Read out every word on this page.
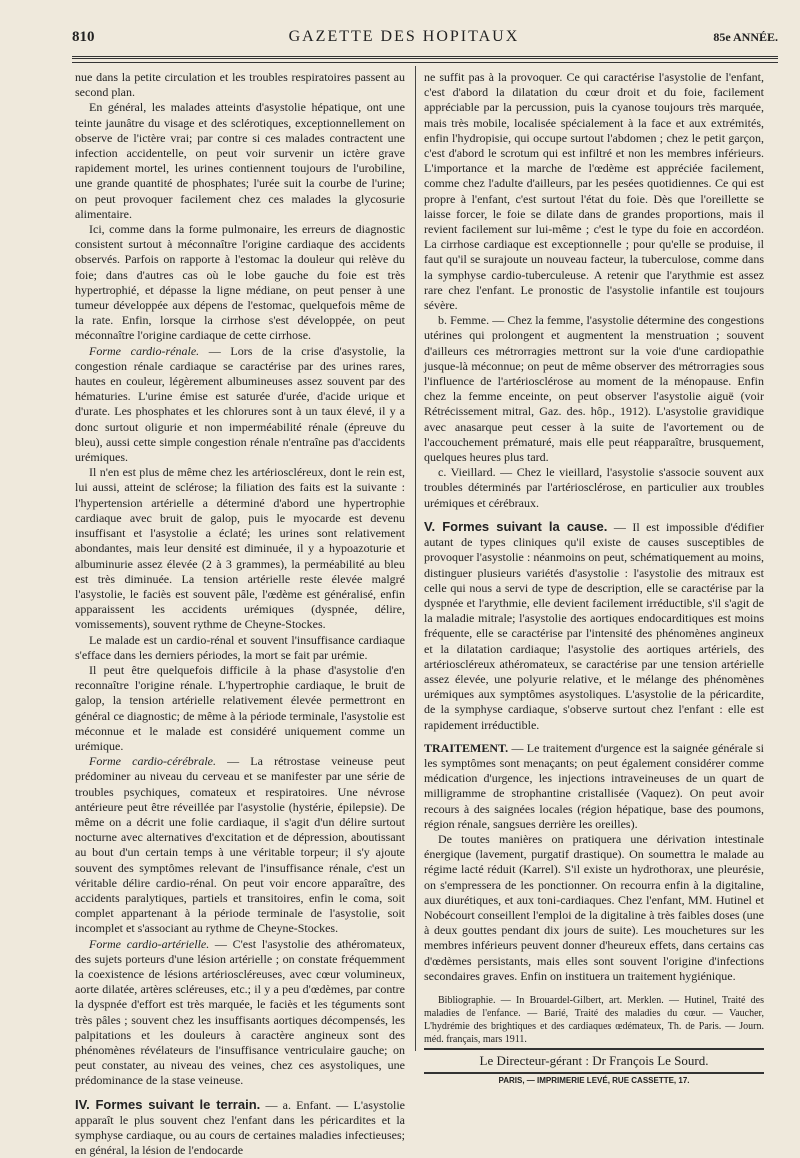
810	GAZETTE DES HOPITAUX	85e ANNÉE.

nue dans la petite circulation et les troubles respiratoires passent au second plan.

En général, les malades atteints d'asystolie hépatique, ont une teinte jaunâtre du visage et des sclérotiques, exceptionnellement on observe de l'ictère vrai; par contre si ces malades contractent une infection accidentelle, on peut voir survenir un ictère grave rapidement mortel, les urines contiennent toujours de l'urobiline, une grande quantité de phosphates; l'urée suit la courbe de l'urine; on peut provoquer facilement chez ces malades la glycosurie alimentaire.

Ici, comme dans la forme pulmonaire, les erreurs de diagnostic consistent surtout à méconnaître l'origine cardiaque des accidents observés. Parfois on rapporte à l'estomac la douleur qui relève du foie; dans d'autres cas où le lobe gauche du foie est très hypertrophié, et dépasse la ligne médiane, on peut penser à une tumeur développée aux dépens de l'estomac, quelquefois même de la rate. Enfin, lorsque la cirrhose s'est développée, on peut méconnaître l'origine cardiaque de cette cirrhose.

Forme cardio-rénale. — Lors de la crise d'asystolie, la congestion rénale cardiaque se caractérise par des urines rares, hautes en couleur, légèrement albumineuses assez souvent par des hématuries. L'urine émise est saturée d'urée, d'acide urique et d'urate. Les phosphates et les chlorures sont à un taux élevé, il y a donc surtout oligurie et non imperméabilité rénale (épreuve du bleu), aussi cette simple congestion rénale n'entraîne pas d'accidents urémiques.

Il n'en est plus de même chez les artérioscléreux, dont le rein est, lui aussi, atteint de sclérose; la filiation des faits est la suivante : l'hypertension artérielle a déterminé d'abord une hypertrophie cardiaque avec bruit de galop, puis le myocarde est devenu insuffisant et l'asystolie a éclaté; les urines sont relativement abondantes, mais leur densité est diminuée, il y a hypoazoturie et albuminurie assez élevée (2 à 3 grammes), la perméabilité au bleu est très diminuée. La tension artérielle reste élevée malgré l'asystolie, le faciès est souvent pâle, l'œdème est généralisé, enfin apparaissent les accidents urémiques (dyspnée, délire, vomissements), souvent rythme de Cheyne-Stockes.

Le malade est un cardio-rénal et souvent l'insuffisance cardiaque s'efface dans les derniers périodes, la mort se fait par urémie.

Il peut être quelquefois difficile à la phase d'asystolie d'en reconnaître l'origine rénale. L'hypertrophie cardiaque, le bruit de galop, la tension artérielle relativement élevée permettront en général ce diagnostic; de même à la période terminale, l'asystolie est méconnue et le malade est considéré uniquement comme un urémique.

Forme cardio-cérébrale. — La rétrostase veineuse peut prédominer au niveau du cerveau et se manifester par une série de troubles psychiques, comateux et respiratoires. Une névrose antérieure peut être réveillée par l'asystolie (hystérie, épilepsie). De même on a décrit une folie cardiaque, il s'agit d'un délire surtout nocturne avec alternatives d'excitation et de dépression, aboutissant au bout d'un certain temps à une véritable torpeur; il s'y ajoute souvent des symptômes relevant de l'insuffisance rénale, c'est un véritable délire cardio-rénal. On peut voir encore apparaître, des accidents paralytiques, partiels et transitoires, enfin le coma, soit complet appartenant à la période terminale de l'asystolie, soit incomplet et s'associant au rythme de Cheyne-Stockes.

Forme cardio-artérielle. — C'est l'asystolie des athéromateux, des sujets porteurs d'une lésion artérielle ; on constate fréquemment la coexistence de lésions artérioscléreuses, avec cœur volumineux, aorte dilatée, artères scléreuses, etc.; il y a peu d'œdèmes, par contre la dyspnée d'effort est très marquée, le faciès et les téguments sont très pâles ; souvent chez les insuffisants aortiques décompensés, les palpitations et les douleurs à caractère angineux sont des phénomènes révélateurs de l'insuffisance ventriculaire gauche; on peut constater, au niveau des veines, chez ces asystoliques, une prédominance de la stase veineuse.

IV. Formes suivant le terrain. — a. Enfant. — L'asystolie apparaît le plus souvent chez l'enfant dans les péricardites et la symphyse cardiaque, ou au cours de certaines maladies infectieuses; en général, la lésion de l'endocarde

ne suffit pas à la provoquer. Ce qui caractérise l'asystolie de l'enfant, c'est d'abord la dilatation du cœur droit et du foie, facilement appréciable par la percussion, puis la cyanose toujours très marquée, mais très mobile, localisée spécialement à la face et aux extrémités, enfin l'hydropisie, qui occupe surtout l'abdomen ; chez le petit garçon, c'est d'abord le scrotum qui est infiltré et non les membres inférieurs. L'importance et la marche de l'œdème est appréciée facilement, comme chez l'adulte d'ailleurs, par les pesées quotidiennes. Ce qui est propre à l'enfant, c'est surtout l'état du foie. Dès que l'oreillette se laisse forcer, le foie se dilate dans de grandes proportions, mais il revient facilement sur lui-même ; c'est le type du foie en accordéon. La cirrhose cardiaque est exceptionnelle ; pour qu'elle se produise, il faut qu'il se surajoute un nouveau facteur, la tuberculose, comme dans la symphyse cardio-tuberculeuse. A retenir que l'arythmie est assez rare chez l'enfant. Le pronostic de l'asystolie infantile est toujours sévère.

b. Femme. — Chez la femme, l'asystolie détermine des congestions utérines qui prolongent et augmentent la menstruation ; souvent d'ailleurs ces métrorragies mettront sur la voie d'une cardiopathie jusque-là méconnue; on peut de même observer des métrorragies sous l'influence de l'artériosclérose au moment de la ménopause. Enfin chez la femme enceinte, on peut observer l'asystolie aiguë (voir Rétrécissement mitral, Gaz. des. hôp., 1912). L'asystolie gravidique avec anasarque peut cesser à la suite de l'avortement ou de l'accouchement prématuré, mais elle peut réapparaître, brusquement, quelques heures plus tard.

c. Vieillard. — Chez le vieillard, l'asystolie s'associe souvent aux troubles déterminés par l'artériosclérose, en particulier aux troubles urémiques et cérébraux.

V. Formes suivant la cause. — Il est impossible d'édifier autant de types cliniques qu'il existe de causes susceptibles de provoquer l'asystolie : néanmoins on peut, schématiquement au moins, distinguer plusieurs variétés d'asystolie : l'asystolie des mitraux est celle qui nous a servi de type de description, elle se caractérise par la dyspnée et l'arythmie, elle devient facilement irréductible, s'il s'agit de la maladie mitrale; l'asystolie des aortiques endocarditiques est moins fréquente, elle se caractérise par l'intensité des phénomènes angineux et la dilatation cardiaque; l'asystolie des aortiques artériels, des artérioscléreux athéromateux, se caractérise par une tension artérielle assez élevée, une polyurie relative, et le mélange des phénomènes urémiques aux symptômes asystoliques. L'asystolie de la péricardite, de la symphyse cardiaque, s'observe surtout chez l'enfant : elle est rapidement irréductible.

TRAITEMENT. — Le traitement d'urgence est la saignée générale si les symptômes sont menaçants; on peut également considérer comme médication d'urgence, les injections intraveineuses de un quart de milligramme de strophantine cristallisée (Vaquez). On peut avoir recours à des saignées locales (région hépatique, base des poumons, région rénale, sangsues derrière les oreilles).

De toutes manières on pratiquera une dérivation intestinale énergique (lavement, purgatif drastique). On soumettra le malade au régime lacté réduit (Karrel). S'il existe un hydrothorax, une pleurésie, on s'empressera de les ponctionner. On recourra enfin à la digitaline, aux diurétiques, et aux toni-cardiaques. Chez l'enfant, MM. Hutinel et Nobécourt conseillent l'emploi de la digitaline à très faibles doses (une à deux gouttes pendant dix jours de suite). Les mouchetures sur les membres inférieurs peuvent donner d'heureux effets, dans certains cas d'œdèmes persistants, mais elles sont souvent l'origine d'infections secondaires graves. Enfin on instituera un traitement hygiénique.

Bibliographie. — In Brouardel-Gilbert, art. Merklen. — Hutinel, Traité des maladies de l'enfance. — Barié, Traité des maladies du cœur. — Vaucher, L'hydrémie des brightiques et des cardiaques œdémateux, Th. de Paris. — Journ. méd. français, mars 1911.

Le Directeur-gérant : Dr François Le Sourd.
PARIS, — IMPRIMERIE LEVÉ, RUE CASSETTE, 17.
